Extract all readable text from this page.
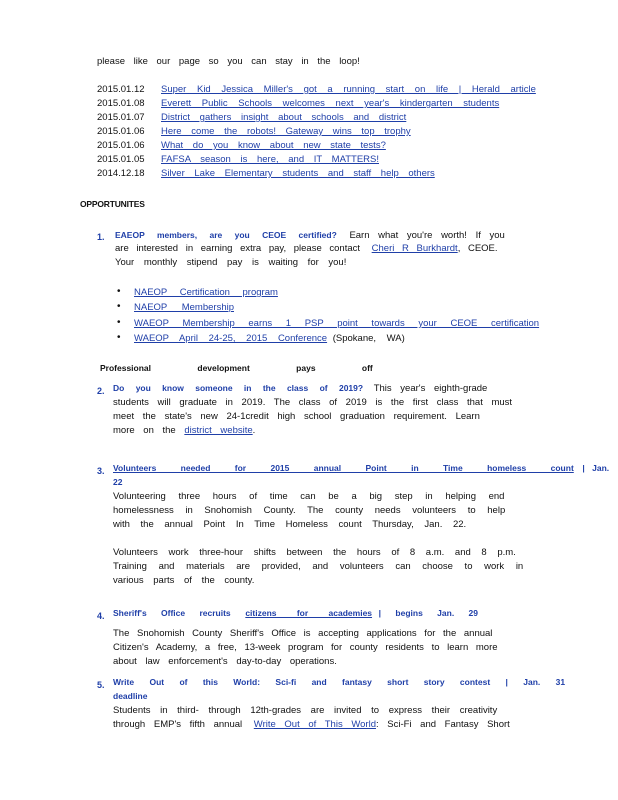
please like our page so you can stay in the loop!
2015.01.12 Super Kid Jessica Miller's got a running start on life | Herald article
2015.01.08 Everett Public Schools welcomes next year's kindergarten students
2015.01.07 District gathers insight about schools and district
2015.01.06 Here come the robots! Gateway wins top trophy
2015.01.06 What do you know about new state tests?
2015.01.05 FAFSA season is here, and IT MATTERS!
2014.12.18 Silver Lake Elementary students and staff help others
OPPORTUNITES
1. EAEOP members, are you CEOE certified? Earn what you're worth! If you
are interested in earning extra pay, please contact Cheri R Burkhardt, CEOE.
Your monthly stipend pay is waiting for you!
• NAEOP Certification program
• NAEOP Membership
• WAEOP Membership earns 1 PSP point towards your CEOE certification
• WAEOP April 24-25, 2015 Conference (Spokane, WA)
Professional development pays off
2. Do you know someone in the class of 2019? This year's eighth-grade
students will graduate in 2019. The class of 2019 is the first class that must
meet the state's new 24-1credit high school graduation requirement. Learn
more on the district website.
3. Volunteers needed for 2015 annual Point in Time homeless count | Jan.
22
Volunteering three hours of time can be a big step in helping end
homelessness in Snohomish County. The county needs volunteers to help
with the annual Point In Time Homeless count Thursday, Jan. 22.
Volunteers work three-hour shifts between the hours of 8 a.m. and 8 p.m.
Training and materials are provided, and volunteers can choose to work in
various parts of the county.
4. Sheriff's Office recruits citizens for academies | begins Jan. 29
The Snohomish County Sheriff's Office is accepting applications for the annual
Citizen's Academy, a free, 13-week program for county residents to learn more
about law enforcement's day-to-day operations.
5. Write Out of this World: Sci-fi and fantasy short story contest | Jan. 31
deadline
Students in third- through 12th-grades are invited to express their creativity
through EMP's fifth annual Write Out of This World: Sci-Fi and Fantasy Short
